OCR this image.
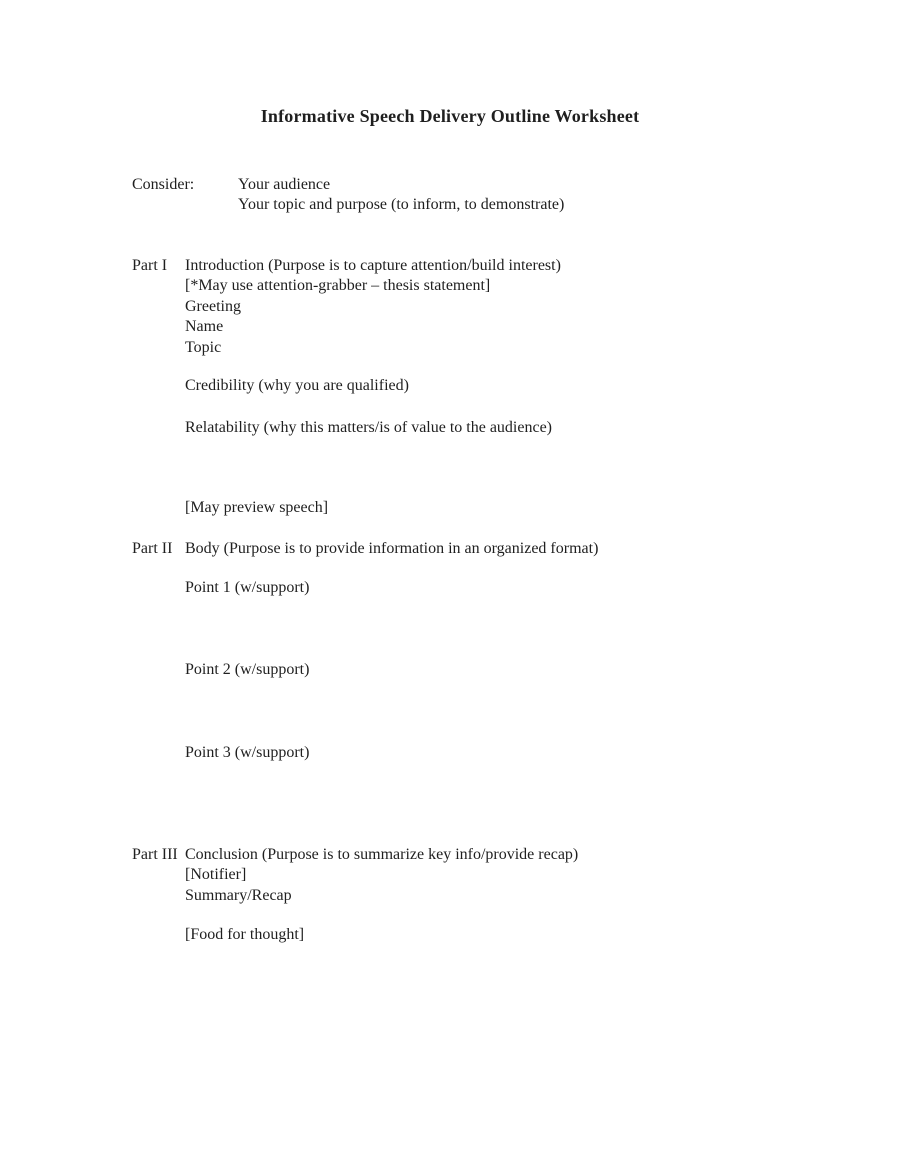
Informative Speech Delivery Outline Worksheet
Consider:	Your audience
Your topic and purpose (to inform, to demonstrate)
Part I Introduction (Purpose is to capture attention/build interest)
[*May use attention-grabber – thesis statement]
Greeting
Name
Topic
Credibility (why you are qualified)
Relatability (why this matters/is of value to the audience)
[May preview speech]
Part II Body (Purpose is to provide information in an organized format)
Point 1 (w/support)
Point 2 (w/support)
Point 3 (w/support)
Part III Conclusion (Purpose is to summarize key info/provide recap)
[Notifier]
Summary/Recap
[Food for thought]
